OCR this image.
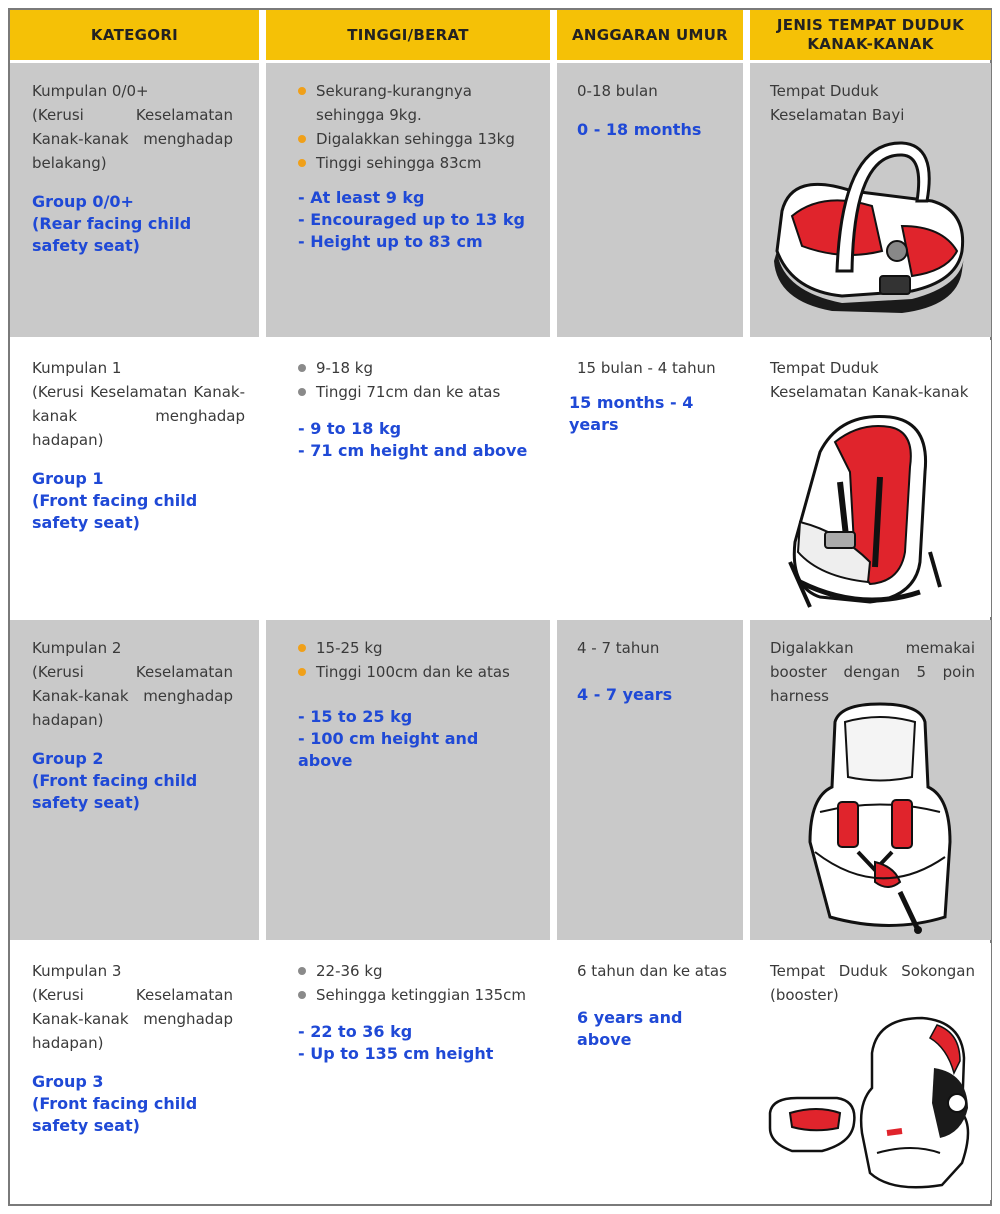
KATEGORI	TINGGI/BERAT	ANGGARAN UMUR
JENIS TEMPAT DUDUK KANAK-KANAK
Kumpulan 0/0+
(Kerusi Keselamatan Kanak-kanak menghadap belakang)
Group 0/0+
(Rear facing child
safety seat)
Sekurang-kurangnya sehingga 9kg.
Digalakkan sehingga 13kg
Tinggi sehingga 83cm
- At least 9 kg
- Encouraged up to 13 kg
- Height up to 83 cm
0-18 bulan
0 - 18 months
Tempat Duduk Keselamatan Bayi
Kumpulan 1
(Kerusi Keselamatan Kanak-kanak menghadap hadapan)
Group 1
(Front facing child
safety seat)
9-18 kg
Tinggi 71cm dan ke atas
- 9 to 18 kg
- 71 cm height and above
15 bulan - 4 tahun
15 months - 4 years
Tempat Duduk Keselamatan Kanak-kanak
Kumpulan 2
(Kerusi Keselamatan Kanak-kanak menghadap hadapan)
Group 2
(Front facing child
safety seat)
15-25 kg
Tinggi 100cm dan ke atas
- 15 to 25 kg
- 100 cm height and above
4 - 7 tahun
4 - 7 years
Digalakkan memakai booster dengan 5 poin harness
Kumpulan 3
(Kerusi Keselamatan Kanak-kanak menghadap hadapan)
Group 3
(Front facing child
safety seat)
22-36 kg
Sehingga ketinggian 135cm
- 22 to 36 kg
- Up to 135 cm height
6 tahun dan ke atas
6 years and above
Tempat Duduk Sokongan (booster)
